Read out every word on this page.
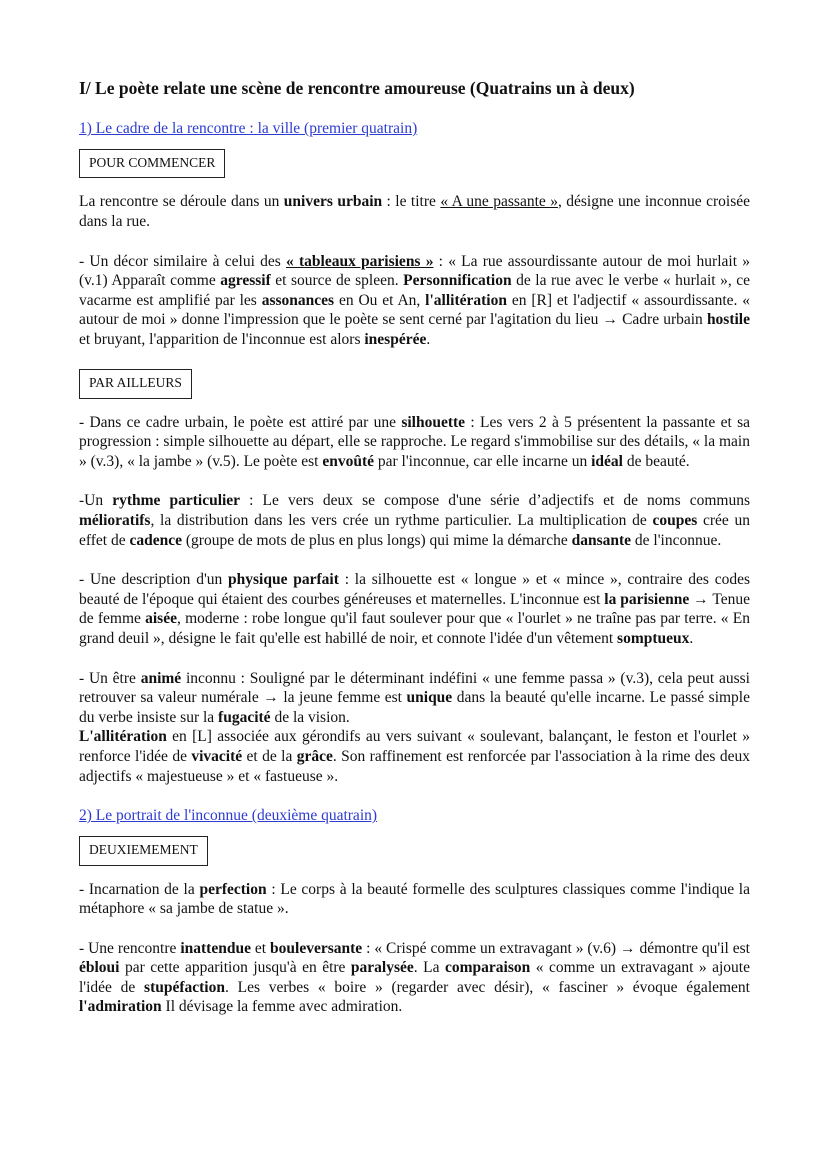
I/ Le poète relate une scène de rencontre amoureuse (Quatrains un à deux)
1) Le cadre de la rencontre : la ville (premier quatrain)
POUR COMMENCER

La rencontre se déroule dans un univers urbain : le titre « A une passante », désigne une inconnue croisée dans la rue.

- Un décor similaire à celui des « tableaux parisiens » : « La rue assourdissante autour de moi hurlait » (v.1) Apparaît comme agressif et source de spleen. Personnification de la rue avec le verbe « hurlait », ce vacarme est amplifié par les assonances en Ou et An, l'allitération en [R] et l'adjectif « assourdissante. « autour de moi » donne l'impression que le poète se sent cerné par l'agitation du lieu → Cadre urbain hostile et bruyant, l'apparition de l'inconnue est alors inespérée.

PAR AILLEURS

- Dans ce cadre urbain, le poète est attiré par une silhouette : Les vers 2 à 5 présentent la passante et sa progression : simple silhouette au départ, elle se rapproche. Le regard s'immobilise sur des détails, « la main » (v.3), « la jambe » (v.5). Le poète est envoûté par l'inconnue, car elle incarne un idéal de beauté.

-Un rythme particulier : Le vers deux se compose d'une série d’adjectifs et de noms communs mélioratifs, la distribution dans les vers crée un rythme particulier. La multiplication de coupes crée un effet de cadence (groupe de mots de plus en plus longs) qui mime la démarche dansante de l'inconnue.

- Une description d'un physique parfait : la silhouette est « longue » et « mince », contraire des codes beauté de l'époque qui étaient des courbes généreuses et maternelles. L'inconnue est la parisienne → Tenue de femme aisée, moderne : robe longue qu'il faut soulever pour que « l'ourlet » ne traîne pas par terre. « En grand deuil », désigne le fait qu'elle est habillé de noir, et connote l'idée d'un vêtement somptueux.

- Un être animé inconnu : Souligné par le déterminant indéfini « une femme passa » (v.3), cela peut aussi retrouver sa valeur numérale → la jeune femme est unique dans la beauté qu'elle incarne. Le passé simple du verbe insiste sur la fugacité de la vision.
L'allitération en [L] associée aux gérondifs au vers suivant « soulevant, balançant, le feston et l'ourlet » renforce l'idée de vivacité et de la grâce. Son raffinement est renforcée par l'association à la rime des deux adjectifs « majestueuse » et « fastueuse ».

2) Le portrait de l'inconnue (deuxième quatrain)
DEUXIEMEMENT

- Incarnation de la perfection : Le corps à la beauté formelle des sculptures classiques comme l'indique la métaphore « sa jambe de statue ».

- Une rencontre inattendue et bouleversante : « Crispé comme un extravagant » (v.6) → démontre qu'il est ébloui par cette apparition jusqu'à en être paralysée. La comparaison « comme un extravagant » ajoute l'idée de stupéfaction. Les verbes « boire » (regarder avec désir), « fasciner » évoque également l'admiration Il dévisage la femme avec admiration.
